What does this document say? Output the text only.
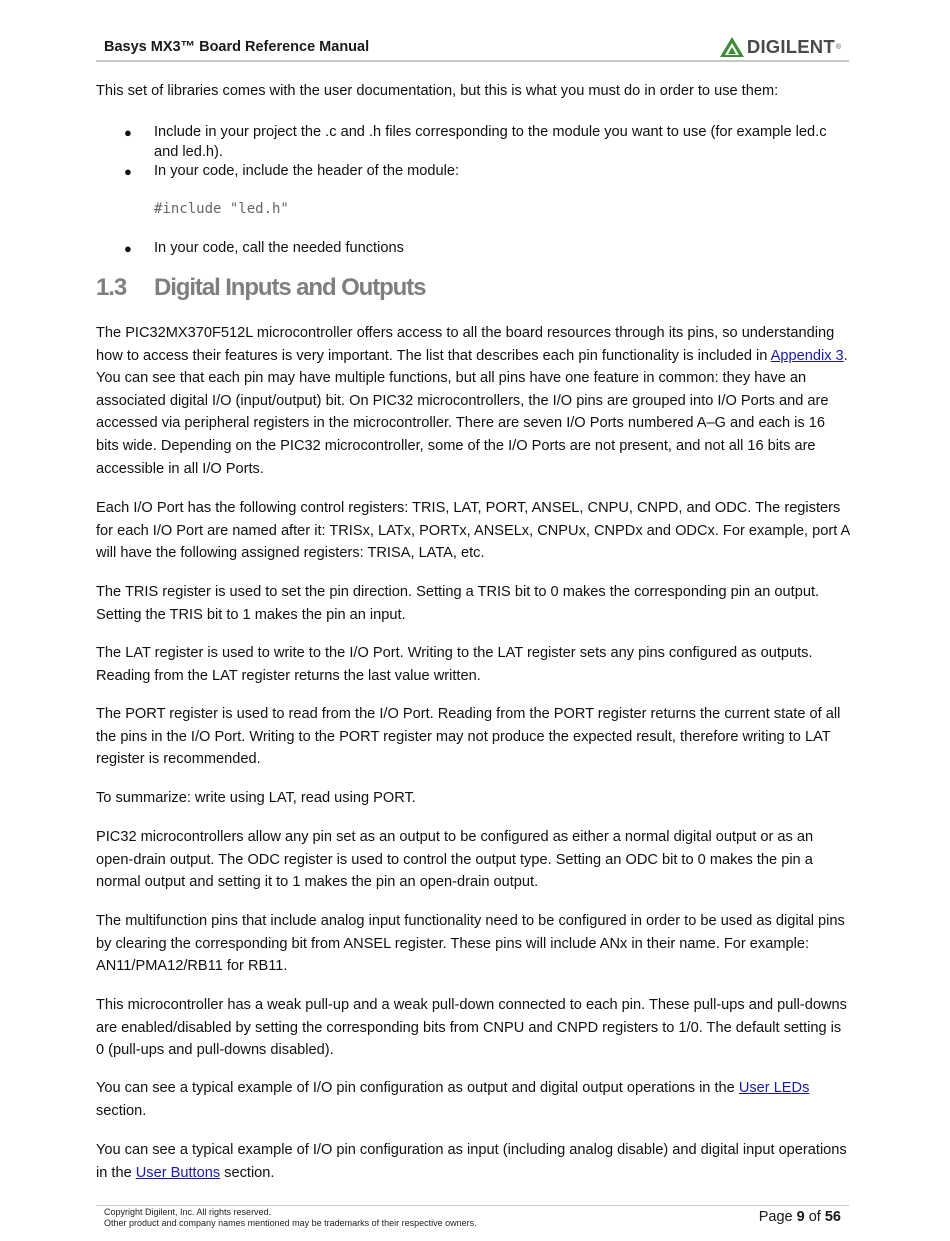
Basys MX3™ Board Reference Manual	DIGILENT ®

This set of libraries comes with the user documentation, but this is what you must do in order to use them:

● Include in your project the .c and .h files corresponding to the module you want to use (for example led.c and led.h).
● In your code, include the header of the module:
#include "led.h"
● In your code, call the needed functions
1.3 Digital Inputs and Outputs

The PIC32MX370F512L microcontroller offers access to all the board resources through its pins, so understanding how to access their features is very important. The list that describes each pin functionality is included in Appendix 3. You can see that each pin may have multiple functions, but all pins have one feature in common: they have an associated digital I/O (input/output) bit. On PIC32 microcontrollers, the I/O pins are grouped into I/O Ports and are accessed via peripheral registers in the microcontroller. There are seven I/O Ports numbered A–G and each is 16 bits wide. Depending on the PIC32 microcontroller, some of the I/O Ports are not present, and not all 16 bits are accessible in all I/O Ports.

Each I/O Port has the following control registers: TRIS, LAT, PORT, ANSEL, CNPU, CNPD, and ODC. The registers for each I/O Port are named after it: TRISx, LATx, PORTx, ANSELx, CNPUx, CNPDx and ODCx. For example, port A will have the following assigned registers: TRISA, LATA, etc.

The TRIS register is used to set the pin direction. Setting a TRIS bit to 0 makes the corresponding pin an output. Setting the TRIS bit to 1 makes the pin an input.

The LAT register is used to write to the I/O Port. Writing to the LAT register sets any pins configured as outputs. Reading from the LAT register returns the last value written.

The PORT register is used to read from the I/O Port. Reading from the PORT register returns the current state of all the pins in the I/O Port. Writing to the PORT register may not produce the expected result, therefore writing to LAT register is recommended.

To summarize: write using LAT, read using PORT.

PIC32 microcontrollers allow any pin set as an output to be configured as either a normal digital output or as an open-drain output. The ODC register is used to control the output type. Setting an ODC bit to 0 makes the pin a normal output and setting it to 1 makes the pin an open-drain output.

The multifunction pins that include analog input functionality need to be configured in order to be used as digital pins by clearing the corresponding bit from ANSEL register. These pins will include ANx in their name. For example: AN11/PMA12/RB11 for RB11.

This microcontroller has a weak pull-up and a weak pull-down connected to each pin. These pull-ups and pull-downs are enabled/disabled by setting the corresponding bits from CNPU and CNPD registers to 1/0. The default setting is 0 (pull-ups and pull-downs disabled).

You can see a typical example of I/O pin configuration as output and digital output operations in the User LEDs section.

You can see a typical example of I/O pin configuration as input (including analog disable) and digital input operations in the User Buttons section.

Copyright Digilent, Inc. All rights reserved.
Other product and company names mentioned may be trademarks of their respective owners.	Page 9 of 56
